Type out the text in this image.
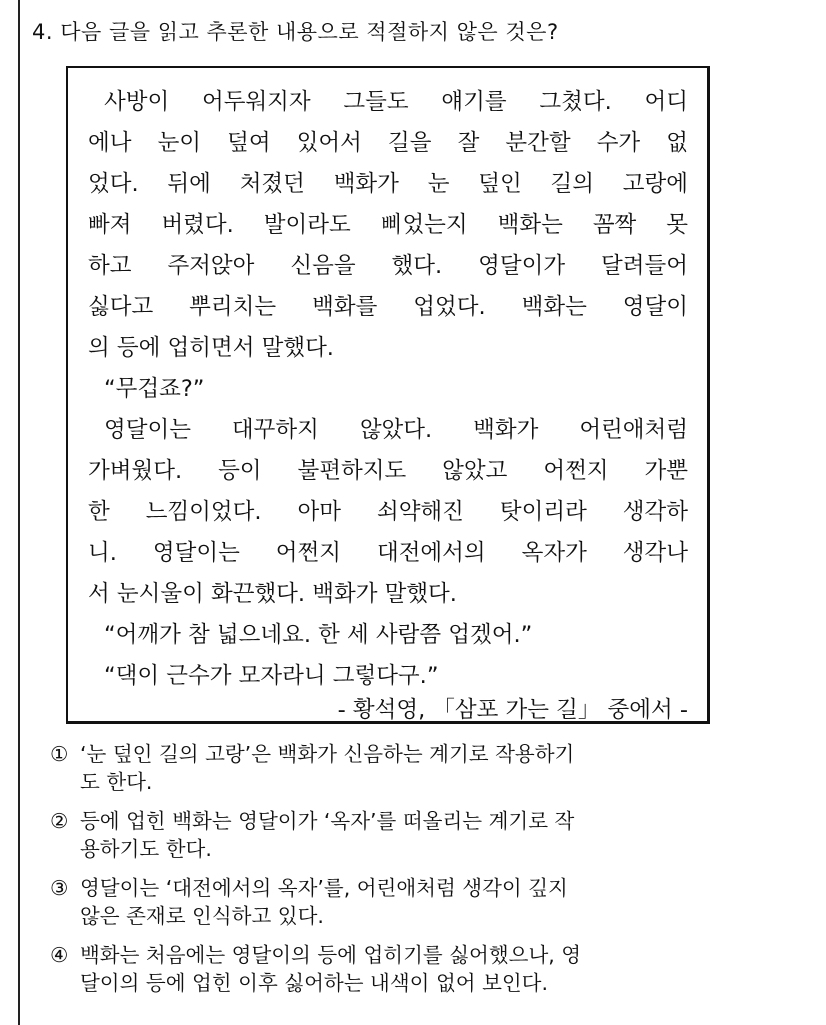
4. 다음 글을 읽고 추론한 내용으로 적절하지 않은 것은?
사방이 어두워지자 그들도 얘기를 그쳤다. 어디
에나 눈이 덮여 있어서 길을 잘 분간할 수가 없
었다. 뒤에 처졌던 백화가 눈 덮인 길의 고랑에
빠져 버렸다. 발이라도 삐었는지 백화는 꼼짝 못
하고 주저앉아 신음을 했다. 영달이가 달려들어
싫다고 뿌리치는 백화를 업었다. 백화는 영달이
의 등에 업히면서 말했다.
“무겁죠?”
영달이는 대꾸하지 않았다. 백화가 어린애처럼
가벼웠다. 등이 불편하지도 않았고 어쩐지 가뿐
한 느낌이었다. 아마 쇠약해진 탓이리라 생각하
니. 영달이는 어쩐지 대전에서의 옥자가 생각나
서 눈시울이 화끈했다. 백화가 말했다.
“어깨가 참 넓으네요. 한 세 사람쯤 업겠어.”
“댁이 근수가 모자라니 그렇다구.”
- 황석영, 「삼포 가는 길」 중에서 -
① ‘눈 덮인 길의 고랑’은 백화가 신음하는 계기로 작용하기
도 한다.
② 등에 업힌 백화는 영달이가 ‘옥자’를 떠올리는 계기로 작
용하기도 한다.
③ 영달이는 ‘대전에서의 옥자’를, 어린애처럼 생각이 깊지
않은 존재로 인식하고 있다.
④ 백화는 처음에는 영달이의 등에 업히기를 싫어했으나, 영
달이의 등에 업힌 이후 싫어하는 내색이 없어 보인다.
